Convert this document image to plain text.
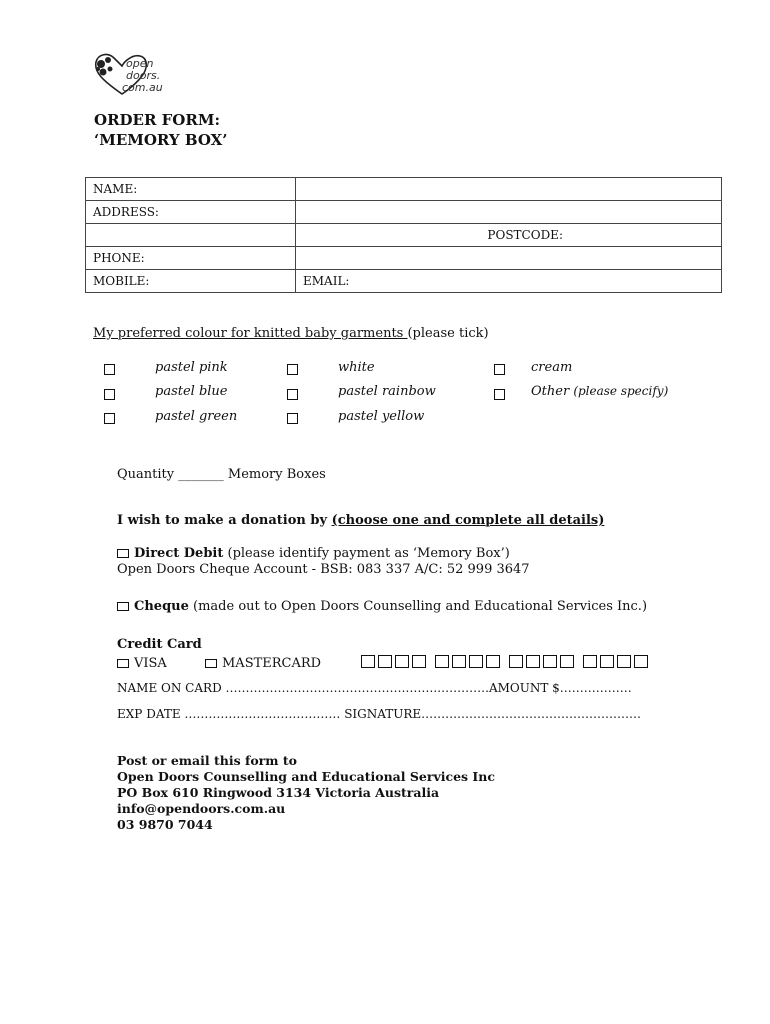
open
doors.
com.au
ORDER FORM:
‘MEMORY BOX’
NAME:	
ADDRESS:	
	POSTCODE:
PHONE:	
MOBILE:	EMAIL:
My preferred colour for knitted baby garments (please tick)
pastel pink	white	cream
pastel blue	pastel rainbow	Other (please specify)
pastel green	pastel yellow
Quantity _______ Memory Boxes
I wish to make a donation by (choose one and complete all details)
Direct Debit (please identify payment as ‘Memory Box’)
Open Doors Cheque Account - BSB: 083 337 A/C: 52 999 3647
Cheque (made out to Open Doors Counselling and Educational Services Inc.)
Credit Card
VISA	MASTERCARD
NAME ON CARD ……………………………………….…….………….AMOUNT $………………
EXP DATE ………………………………… SIGNATURE……….………………………………………
Post or email this form to
Open Doors Counselling and Educational Services Inc
PO Box 610 Ringwood 3134 Victoria Australia
info@opendoors.com.au
03 9870 7044
